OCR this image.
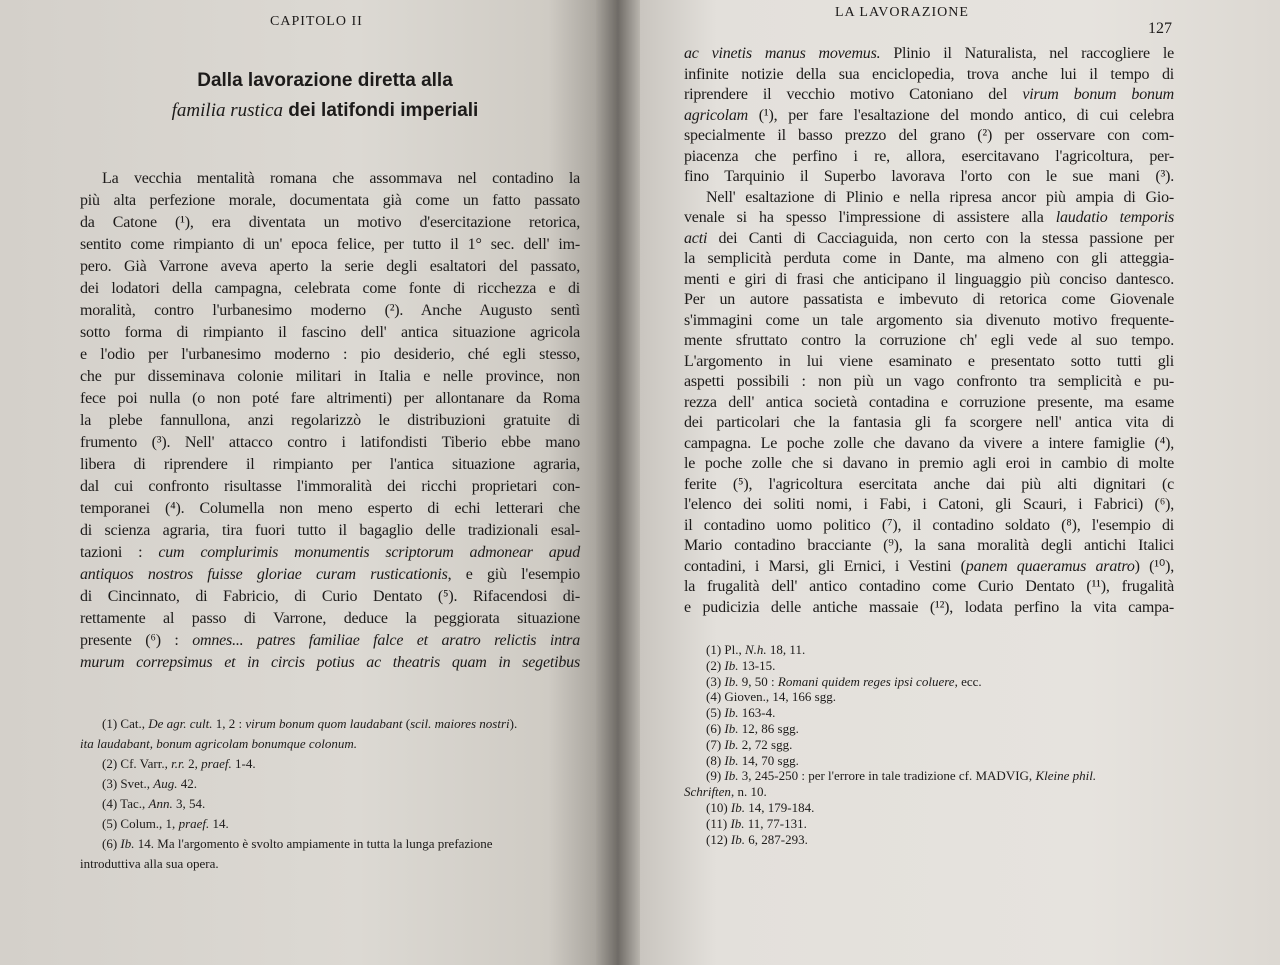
CAPITOLO II
Dalla lavorazione diretta alla
familia rustica dei latifondi imperiali
La vecchia mentalità romana che assommava nel contadino la
più alta perfezione morale, documentata già come un fatto passato
da Catone (¹), era diventata un motivo d'esercitazione retorica,
sentito come rimpianto di un' epoca felice, per tutto il 1° sec. dell' im-
pero. Già Varrone aveva aperto la serie degli esaltatori del passato,
dei lodatori della campagna, celebrata come fonte di ricchezza e di
moralità, contro l'urbanesimo moderno (²). Anche Augusto sentì
sotto forma di rimpianto il fascino dell' antica situazione agricola
e l'odio per l'urbanesimo moderno : pio desiderio, ché egli stesso,
che pur disseminava colonie militari in Italia e nelle province, non
fece poi nulla (o non poté fare altrimenti) per allontanare da Roma
la plebe fannullona, anzi regolarizzò le distribuzioni gratuite di
frumento (³). Nell' attacco contro i latifondisti Tiberio ebbe mano
libera di riprendere il rimpianto per l'antica situazione agraria,
dal cui confronto risultasse l'immoralità dei ricchi proprietari con-
temporanei (⁴). Columella non meno esperto di echi letterari che
di scienza agraria, tira fuori tutto il bagaglio delle tradizionali esal-
tazioni : cum complurimis monumentis scriptorum admonear apud
antiquos nostros fuisse gloriae curam rusticationis, e giù l'esempio
di Cincinnato, di Fabricio, di Curio Dentato (⁵). Rifacendosi di-
rettamente al passo di Varrone, deduce la peggiorata situazione
presente (⁶) : omnes... patres familiae falce et aratro relictis intra
murum correpsimus et in circis potius ac theatris quam in segetibus
(1) Cat., De agr. cult. 1, 2 : virum bonum quom laudabant (scil. maiores nostri).
ita laudabant, bonum agricolam bonumque colonum.
(2) Cf. Varr., r.r. 2, praef. 1-4.
(3) Svet., Aug. 42.
(4) Tac., Ann. 3, 54.
(5) Colum., 1, praef. 14.
(6) Ib. 14. Ma l'argomento è svolto ampiamente in tutta la lunga prefazione
introduttiva alla sua opera.
LA LAVORAZIONE
127
ac vinetis manus movemus. Plinio il Naturalista, nel raccogliere le
infinite notizie della sua enciclopedia, trova anche lui il tempo di
riprendere il vecchio motivo Catoniano del virum bonum bonum
agricolam (¹), per fare l'esaltazione del mondo antico, di cui celebra
specialmente il basso prezzo del grano (²) per osservare con com-
piacenza che perfino i re, allora, esercitavano l'agricoltura, per-
fino Tarquinio il Superbo lavorava l'orto con le sue mani (³).
Nell' esaltazione di Plinio e nella ripresa ancor più ampia di Gio-
venale si ha spesso l'impressione di assistere alla laudatio temporis
acti dei Canti di Cacciaguida, non certo con la stessa passione per
la semplicità perduta come in Dante, ma almeno con gli atteggia-
menti e giri di frasi che anticipano il linguaggio più conciso dantesco.
Per un autore passatista e imbevuto di retorica come Giovenale
s'immagini come un tale argomento sia divenuto motivo frequente-
mente sfruttato contro la corruzione ch' egli vede al suo tempo.
L'argomento in lui viene esaminato e presentato sotto tutti gli
aspetti possibili : non più un vago confronto tra semplicità e pu-
rezza dell' antica società contadina e corruzione presente, ma esame
dei particolari che la fantasia gli fa scorgere nell' antica vita di
campagna. Le poche zolle che davano da vivere a intere famiglie (⁴),
le poche zolle che si davano in premio agli eroi in cambio di molte
ferite (⁵), l'agricoltura esercitata anche dai più alti dignitari (c
l'elenco dei soliti nomi, i Fabi, i Catoni, gli Scauri, i Fabrici) (⁶),
il contadino uomo politico (⁷), il contadino soldato (⁸), l'esempio di
Mario contadino bracciante (⁹), la sana moralità degli antichi Italici
contadini, i Marsi, gli Ernici, i Vestini (panem quaeramus aratro) (¹⁰),
la frugalità dell' antico contadino come Curio Dentato (¹¹), frugalità
e pudicizia delle antiche massaie (¹²), lodata perfino la vita campa-
(1) Pl., N.h. 18, 11.
(2) Ib. 13-15.
(3) Ib. 9, 50 : Romani quidem reges ipsi coluere, ecc.
(4) Gioven., 14, 166 sgg.
(5) Ib. 163-4.
(6) Ib. 12, 86 sgg.
(7) Ib. 2, 72 sgg.
(8) Ib. 14, 70 sgg.
(9) Ib. 3, 245-250 : per l'errore in tale tradizione cf. MADVIG, Kleine phil.
Schriften, n. 10.
(10) Ib. 14, 179-184.
(11) Ib. 11, 77-131.
(12) Ib. 6, 287-293.
